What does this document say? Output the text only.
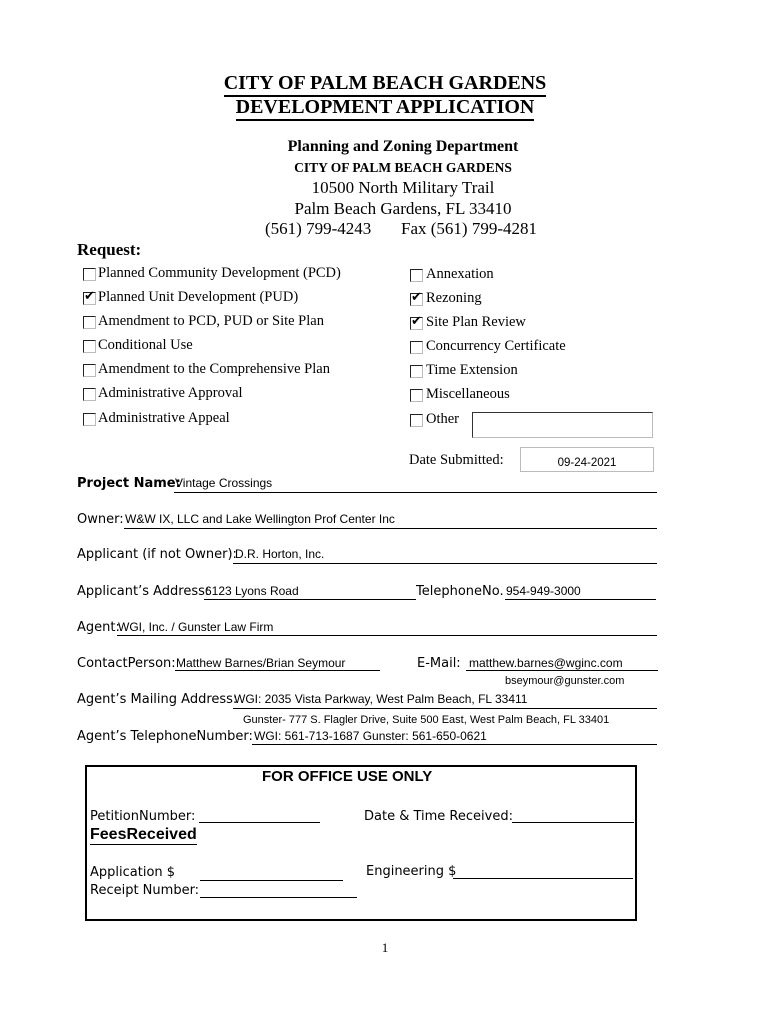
CITY OF PALM BEACH GARDENS
DEVELOPMENT APPLICATION
Planning and Zoning Department
CITY OF PALM BEACH GARDENS
10500 North Military Trail
Palm Beach Gardens, FL 33410
(561) 799-4243 Fax (561) 799-4281
Request:
Planned Community Development (PCD)
✔ Planned Unit Development (PUD)
Amendment to PCD, PUD or Site Plan
Conditional Use
Amendment to the Comprehensive Plan
Administrative Approval
Administrative Appeal
Annexation
✔ Rezoning
✔ Site Plan Review
Concurrency Certificate
Time Extension
Miscellaneous
Other
Date Submitted:	$_{09-24-2021}$
Project Name:
Vintage Crossings
Owner: W&W IX, LLC and Lake Wellington Prof Center Inc
Applicant (if not Owner):
D.R. Horton, Inc.
Applicant’s Address:
6123 Lyons Road	TelephoneNo. 954-949-3000
Agent:
WGI, Inc. / Gunster Law Firm
ContactPerson: Matthew Barnes/Brian Seymour	E-Mail: matthew.barnes@wginc.com
bseymour@gunster.com
Agent’s Mailing Address:
WGI: 2035 Vista Parkway, West Palm Beach, FL 33411
Gunster- 777 S. Flagler Drive, Suite 500 East, West Palm Beach, FL 33401
Agent’s TelephoneNumber: WGI: 561-713-1687 Gunster: 561-650-0621
FOR OFFICE USE ONLY
PetitionNumber:	Date & Time Received:
FeesReceived
Application $	Engineering $
Receipt Number:
1
